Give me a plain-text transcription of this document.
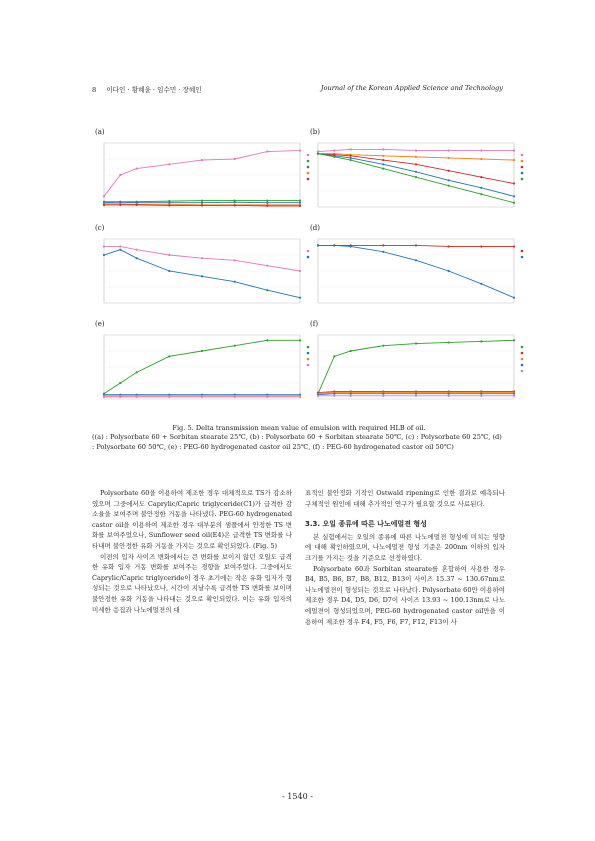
8 이다인 · 황혜윤 · 임수민 · 장혜인	Journal of the Korean Applied Science and Technology
(a)	(b)
(c)	(d)
(e)	(f)
Fig. 5. Delta transmission mean value of emulsion with required HLB of oil.
((a) : Polysorbate 60 + Sorbitan stearate 25℃, (b) : Polysorbate 60 + Sorbitan stearate 50℃, (c) : Polysorbate 60 25℃, (d) : Polysorbate 60 50℃, (e) : PEG-60 hydrogenated castor oil 25℃, (f) : PEG-60 hydrogenated castor oil 50℃)

Polysorbate 60을 이용하여 제조한 경우 대체적으로 TS가 감소하였으며 그중에서도 Caprylic/Capric triglyceride(C1)가 급격한 감소율을 보여주며 불안정한 거동을 나타냈다. PEG-60 hydrogenated castor oil을 이용하여 제조한 경우 대부분의 샘플에서 안정한 TS 변화를 보여주었으나, Sunflower seed oil(E4)은 급격한 TS 변화를 나타내며 불안정한 유화 거동을 가지는 것으로 확인되었다. (Fig. 5)

이전의 입자 사이즈 변화에서는 큰 변화를 보이지 않던 오일도 급격한 유화 입자 거동 변화를 보여주는 경향을 보여주었다. 그중에서도 Caprylic/Capric triglyceride이 경우 초기에는 작은 유화 입자가 형성되는 것으로 나타났으나, 시간이 지날수록 급격한 TS 변화를 보이며 불안정한 유화 거동을 나타내는 것으로 확인되었다. 이는 유화 입자의 미세한 응집과 나노에멀젼의 대

표적인 불안정화 기작인 Ostwald ripening로 인한 결과로 예측되나 구체적인 원인에 대해 추가적인 연구가 필요할 것으로 사료된다.

3.3. 오일 종류에 따른 나노에멀젼 형성

본 실험에서는 오일의 종류에 따른 나노에멀젼 형성에 미치는 영향에 대해 확인하였으며, 나노에멀젼 형성 기준은 200nm 이하의 입자 크기를 가지는 것을 기준으로 선정하였다.

Polysorbate 60과 Sorbitan stearate를 혼합하여 사용한 경우 B4, B5, B6, B7, B8, B12, B13이 사이즈 15.37 ~ 130.67nm로 나노에멀젼이 형성되는 것으로 나타났다. Polysorbate 60만 이용하여 제조한 경우 D4, D5, D6, D7이 사이즈 13.93 ~ 100.13nm로 나노에멀젼이 형성되었으며, PEG-60 hydrogenated castor oil만을 이용하여 제조한 경우 F4, F5, F6, F7, F12, F13이 사

- 1540 -
